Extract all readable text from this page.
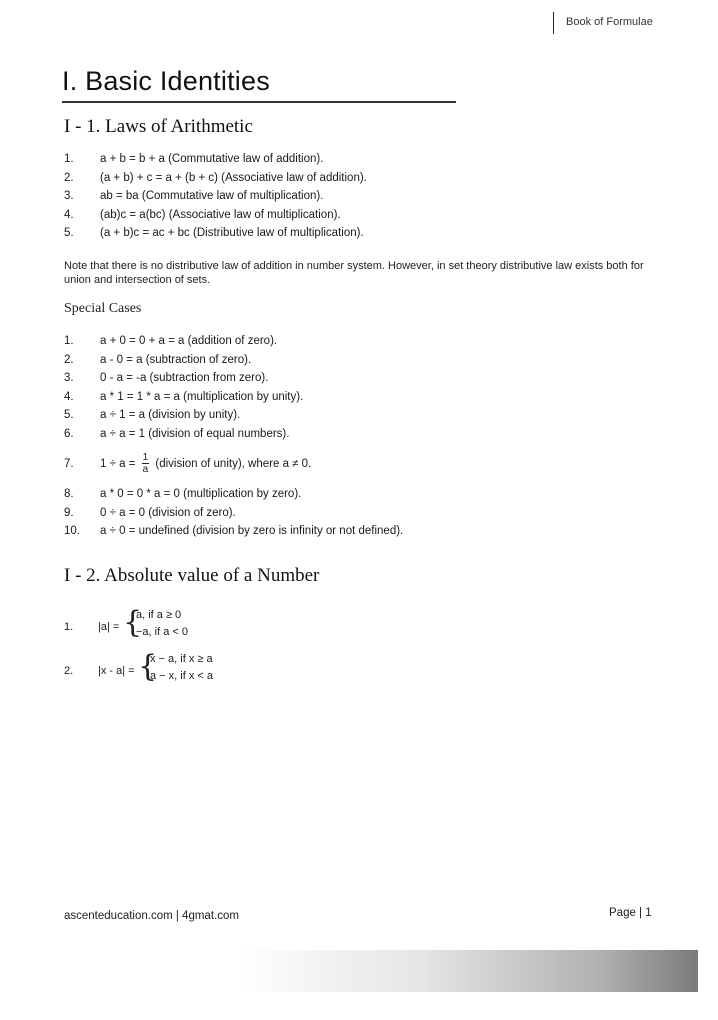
Book of Formulae
I. Basic Identities
I - 1. Laws of Arithmetic
1.	a + b = b + a (Commutative law of addition).
2.	(a + b) + c = a + (b + c) (Associative law of addition).
3.	ab = ba (Commutative law of multiplication).
4.	(ab)c = a(bc) (Associative law of multiplication).
5.	(a + b)c = ac + bc (Distributive law of multiplication).
Note that there is no distributive law of addition in number system. However, in set theory distributive law exists both for union and intersection of sets.
Special Cases
1.	a + 0 = 0 + a = a (addition of zero).
2.	a - 0 = a (subtraction of zero).
3.	0 - a = -a (subtraction from zero).
4.	a * 1 = 1 * a = a (multiplication by unity).
5.	a ÷ 1 = a (division by unity).
6.	a ÷ a = 1 (division of equal numbers).
7.	$1 \div a = \frac{1}{a}$ (division of unity), where a ≠ 0.
8.	a * 0 = 0 * a = 0 (multiplication by zero).
9.	0 ÷ a = 0 (division of zero).
10.	a ÷ 0 = undefined (division by zero is infinity or not defined).
I - 2. Absolute value of a Number
1. |a| = {
a, if a ≥ 0
−a, if a < 0
2. |x - a| = {
x − a, if x ≥ a
a − x, if x < a
ascenteducation.com | 4gmat.com	Page | 1
